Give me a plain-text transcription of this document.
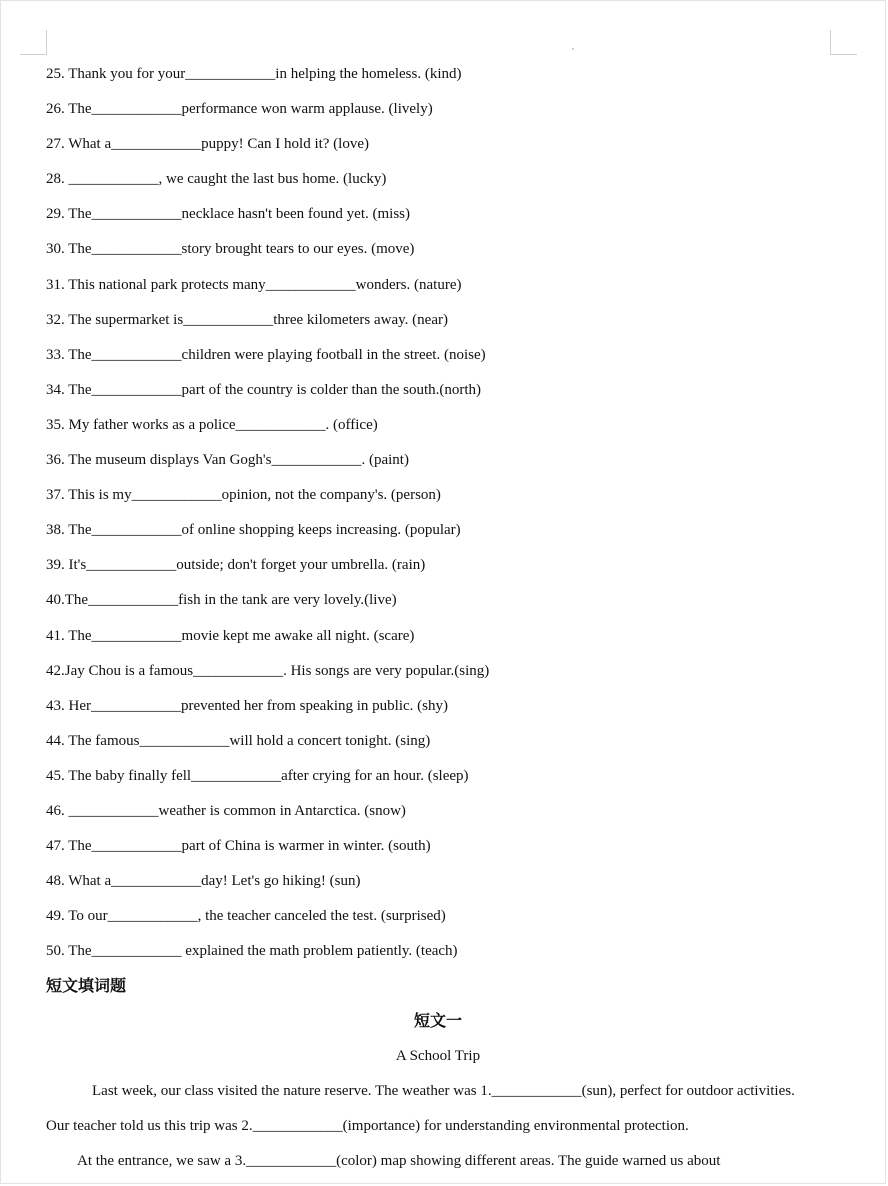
25. Thank you for your____________in helping the homeless. (kind)
26. The____________performance won warm applause. (lively)
27. What a____________puppy! Can I hold it? (love)
28. ____________, we caught the last bus home. (lucky)
29. The____________necklace hasn't been found yet. (miss)
30. The____________story brought tears to our eyes. (move)
31. This national park protects many____________wonders. (nature)
32. The supermarket is____________three kilometers away. (near)
33. The____________children were playing football in the street. (noise)
34. The____________part of the country is colder than the south.(north)
35. My father works as a police____________. (office)
36. The museum displays Van Gogh's____________. (paint)
37. This is my____________opinion, not the company's. (person)
38. The____________of online shopping keeps increasing. (popular)
39. It's____________outside; don't forget your umbrella. (rain)
40.The____________fish in the tank are very lovely.(live)
41. The____________movie kept me awake all night. (scare)
42.Jay Chou is a famous____________. His songs are very popular.(sing)
43. Her____________prevented her from speaking in public. (shy)
44. The famous____________will hold a concert tonight. (sing)
45. The baby finally fell____________after crying for an hour. (sleep)
46. ____________weather is common in Antarctica. (snow)
47. The____________part of China is warmer in winter. (south)
48. What a____________day! Let's go hiking! (sun)
49. To our____________, the teacher canceled the test. (surprised)
50. The____________ explained the math problem patiently. (teach)
短文填词题
短文一
A School Trip
Last week, our class visited the nature reserve. The weather was 1.____________(sun), perfect for outdoor activities.
Our teacher told us this trip was 2.____________(importance) for understanding environmental protection.
At the entrance, we saw a 3.____________(color) map showing different areas. The guide warned us about
